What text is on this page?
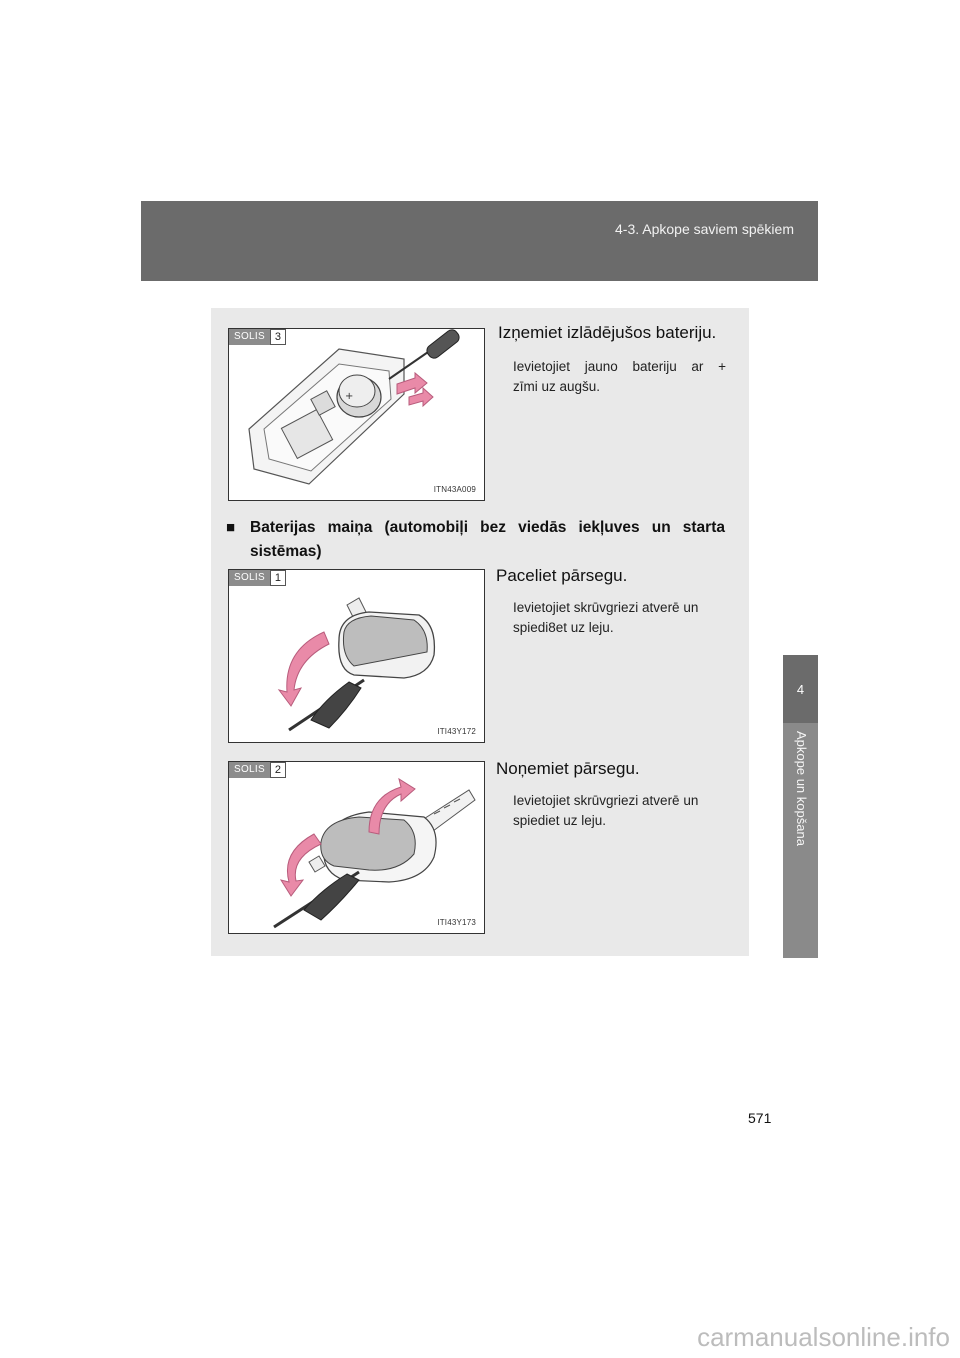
4-3. Apkope saviem spēkiem
4
Apkope un kopšana
SOLIS 3
+
ITN43A009
Izņemiet izlādējušos bateriju.
Ievietojiet jauno bateriju ar +
zīmi uz augšu.
■ Baterijas maiņa (automobiļi bez viedās iekļuves un starta sistēmas)
SOLIS 1
ITI43Y172
Paceliet pārsegu.
Ievietojiet skrūvgriezi atverē un
spiedi8et uz leju.
SOLIS 2
ITI43Y173
Noņemiet pārsegu.
Ievietojiet skrūvgriezi atverē un
spiediet uz leju.
571
carmanualsonline.info
